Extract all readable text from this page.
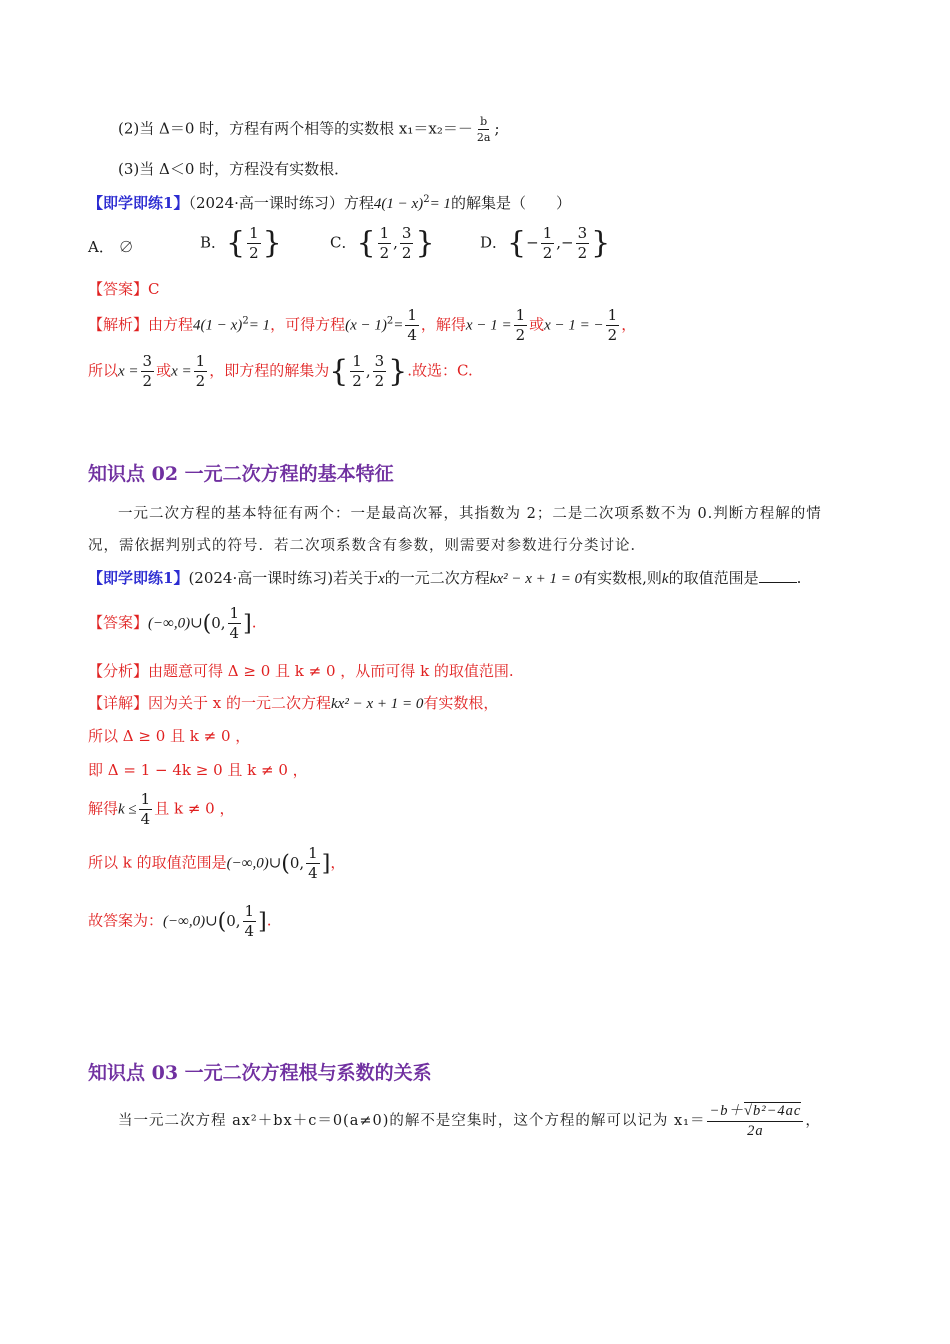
(2)当 Δ＝0 时，方程有两个相等的实数根 $x_1=x_2=- \frac{b}{2a}$ ;
(3)当 Δ＜0 时，方程没有实数根．
【即学即练1】（2024·高一课时练习）方程$4(1 - x)^2= 1$的解集是（　　）
A． ∅	B．{ $\frac{1}{2}$ }	C．{ $\frac{1}{2}$ , $\frac{3}{2}$ }	D．{− $\frac{1}{2}$ ,− $\frac{3}{2}$ }
【答案】C
【解析】由方程$4(1 - x)^2= 1$，可得方程$(x - 1)^2= \frac{1}{4}$ ，解得$x - 1 = \frac{1}{2}$ 或x − 1 = − $\frac{1}{2}$ ，
所以$x = \frac{3}{2}$ 或$x = \frac{1}{2}$ ，即方程的解集为{ $\frac{1}{2}$ , $\frac{3}{2}$ }.故选：C.
知识点 02 一元二次方程的基本特征
一元二次方程的基本特征有两个：一是最高次幂，其指数为 2；二是二次项系数不为 0.判断方程解的情
况，需依据判别式的符号．若二次项系数含有参数，则需要对参数进行分类讨论．
【即学即练1】(2024·高一课时练习)若关于x的一元二次方程kx² − x + 1 = 0有实数根,则k的取值范围是	.
【答案】(−∞,0)∪(0, $\frac{1}{4}$ ].
【分析】由题意可得 Δ ≥ 0 且 k ≠ 0 ，从而可得 k 的取值范围.
【详解】因为关于 x 的一元二次方程kx² − x + 1 = 0有实数根，
所以 Δ ≥ 0 且 k ≠ 0 ，
即 Δ = 1 − 4k ≥ 0 且 k ≠ 0 ，
解得$k \le \frac{1}{4}$ 且 k ≠ 0 ，
所以 k 的取值范围是(−∞,0)∪(0, $\frac{1}{4}$ ]，
故答案为：(−∞,0)∪(0, $\frac{1}{4}$ ].
知识点 03 一元二次方程根与系数的关系
当一元二次方程 ax²＋bx＋c＝0(a≠0)的解不是空集时，这个方程的解可以记为 $x_1= \frac{\text{−b＋√b²−4ac}}{2a}$ ，
